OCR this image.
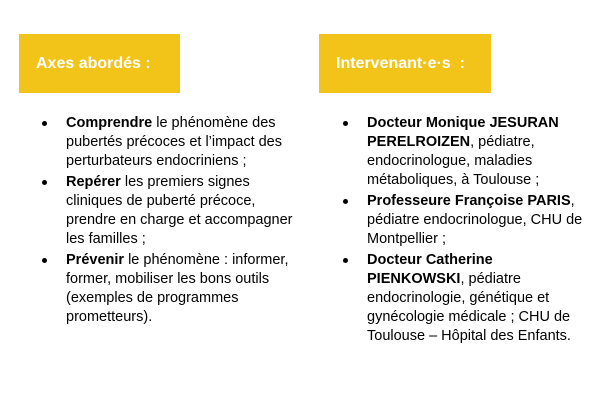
Axes abordés :	Intervenant·e·s  :
Comprendre le phénomène des pubertés précoces et l’impact des perturbateurs endocriniens ;
Repérer les premiers signes cliniques de puberté précoce, prendre en charge et accompagner les familles ;
Prévenir le phénomène : informer, former, mobiliser les bons outils (exemples de programmes prometteurs).
Docteur Monique JESURAN PERELROIZEN, pédiatre, endocrinologue, maladies métaboliques, à Toulouse ;
Professeure Françoise PARIS, pédiatre endocrinologue, CHU de Montpellier ;
Docteur Catherine PIENKOWSKI, pédiatre endocrinologie, génétique et gynécologie médicale ; CHU de Toulouse – Hôpital des Enfants.
